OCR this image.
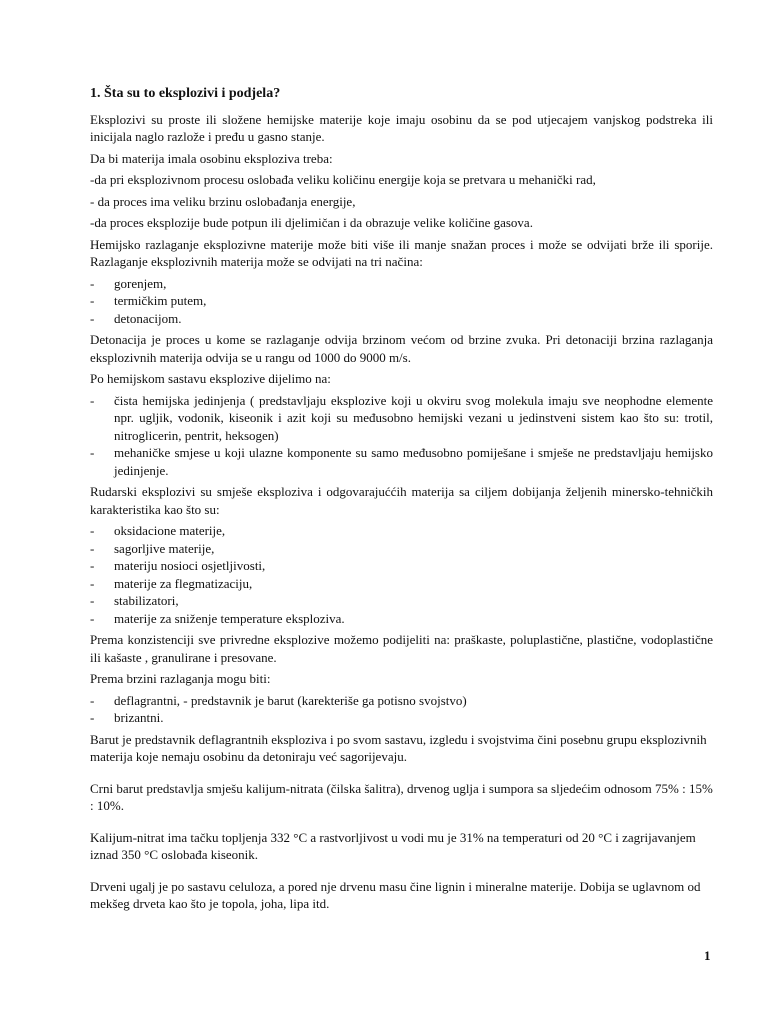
1. Šta su to eksplozivi i podjela?

Eksplozivi su proste ili složene hemijske materije koje imaju osobinu da se pod utjecajem vanjskog podstreka ili inicijala naglo razlože i pređu u gasno stanje.

Da bi materija imala osobinu eksploziva treba:

-da pri eksplozivnom procesu oslobađa veliku količinu energije koja se pretvara u mehanički rad,

- da proces ima veliku brzinu oslobađanja energije,

-da proces eksplozije bude potpun ili djelimičan i da obrazuje velike količine gasova.

Hemijsko razlaganje eksplozivne materije može biti više ili manje snažan proces i može se odvijati brže ili sporije. Razlaganje eksplozivnih materija može se odvijati na tri načina:

- gorenjem,
- termičkim putem,
- detonacijom.

Detonacija je proces u kome se razlaganje odvija brzinom većom od brzine zvuka. Pri detonaciji brzina razlaganja eksplozivnih materija odvija se u rangu od 1000 do 9000 m/s.

Po hemijskom sastavu eksplozive dijelimo na:

- čista hemijska jedinjenja ( predstavljaju eksplozive koji u okviru svog molekula imaju sve neophodne elemente npr. ugljik, vodonik, kiseonik i azit koji su međusobno hemijski vezani u jedinstveni sistem kao što su: trotil, nitroglicerin, pentrit, heksogen)
- mehaničke smjese u koji ulazne komponente su samo međusobno pomiješane i smješe ne predstavljaju hemijsko jedinjenje.

Rudarski eksplozivi su smješe eksploziva i odgovarajuććih materija sa ciljem dobijanja željenih minersko-tehničkih karakteristika kao što su:

- oksidacione materije,
- sagorljive materije,
- materiju nosioci osjetljivosti,
- materije za flegmatizaciju,
- stabilizatori,
- materije za sniženje temperature eksploziva.

Prema konzistenciji sve privredne eksplozive možemo podijeliti na: praškaste, poluplastične, plastične, vodoplastične ili kašaste , granulirane i presovane.

Prema brzini razlaganja mogu biti:

- deflagrantni, - predstavnik je barut (karekteriše ga potisno svojstvo)
- brizantni.

Barut je predstavnik deflagrantnih eksploziva i po svom sastavu, izgledu i svojstvima čini posebnu grupu eksplozivnih materija koje nemaju osobinu da detoniraju već sagorijevaju.

Crni barut predstavlja smješu kalijum-nitrata (čilska šalitra), drvenog uglja i sumpora sa sljedećim odnosom 75% : 15% : 10%.

Kalijum-nitrat ima tačku topljenja 332 °C a rastvorljivost u vodi mu je 31% na temperaturi od 20 °C i zagrijavanjem iznad 350 °C oslobađa kiseonik.

Drveni ugalj je po sastavu celuloza, a pored nje drvenu masu čine lignin i mineralne materije. Dobija se uglavnom od mekšeg drveta kao što je topola, joha, lipa itd.

1
